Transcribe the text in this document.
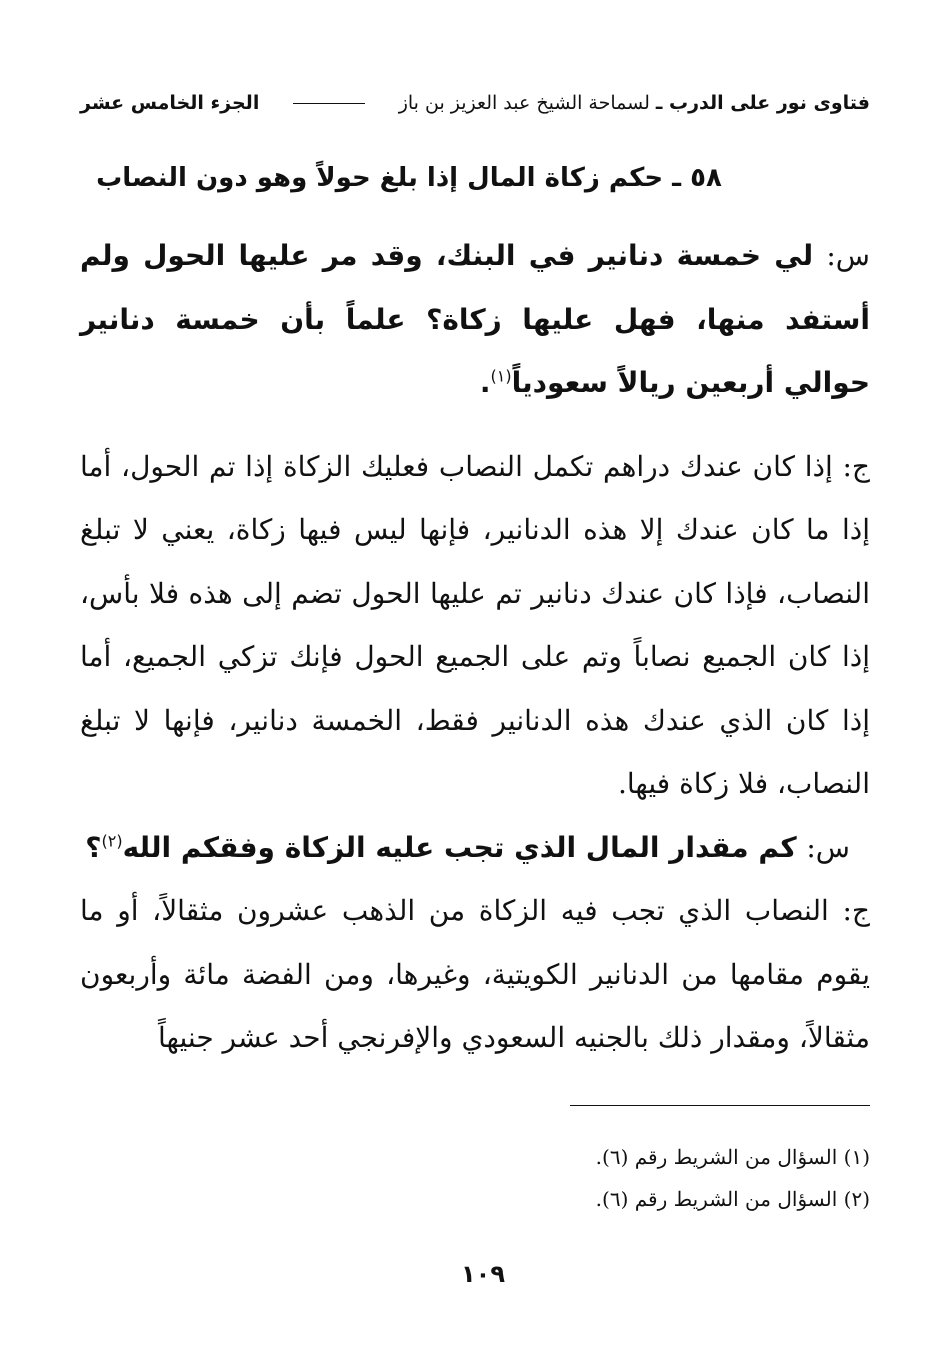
فتاوى نور على الدرب ـ
لسماحة الشيخ عبد العزيز بن باز
الجزء الخامس عشر
٥٨ ـ حكم زكاة المال إذا بلغ حولاً وهو دون النصاب

س: لي خمسة دنانير في البنك، وقد مر عليها الحول ولم أستفد منها، فهل عليها زكاة؟ علماً بأن خمسة دنانير حوالي أربعين ريالاً سعودياً$^{(١)}$.

ج: إذا كان عندك دراهم تكمل النصاب فعليك الزكاة إذا تم الحول، أما إذا ما كان عندك إلا هذه الدنانير، فإنها ليس فيها زكاة، يعني لا تبلغ النصاب، فإذا كان عندك دنانير تم عليها الحول تضم إلى هذه فلا بأس، إذا كان الجميع نصاباً وتم على الجميع الحول فإنك تزكي الجميع، أما إذا كان الذي عندك هذه الدنانير فقط، الخمسة دنانير، فإنها لا تبلغ النصاب، فلا زكاة فيها.

س: كم مقدار المال الذي تجب عليه الزكاة وفقكم الله$^{(٢)}$؟

ج: النصاب الذي تجب فيه الزكاة من الذهب عشرون مثقالاً، أو ما يقوم مقامها من الدنانير الكويتية، وغيرها، ومن الفضة مائة وأربعون مثقالاً، ومقدار ذلك بالجنيه السعودي والإفرنجي أحد عشر جنيهاً

(١) السؤال من الشريط رقم (٦).

(٢) السؤال من الشريط رقم (٦).

١٠٩
